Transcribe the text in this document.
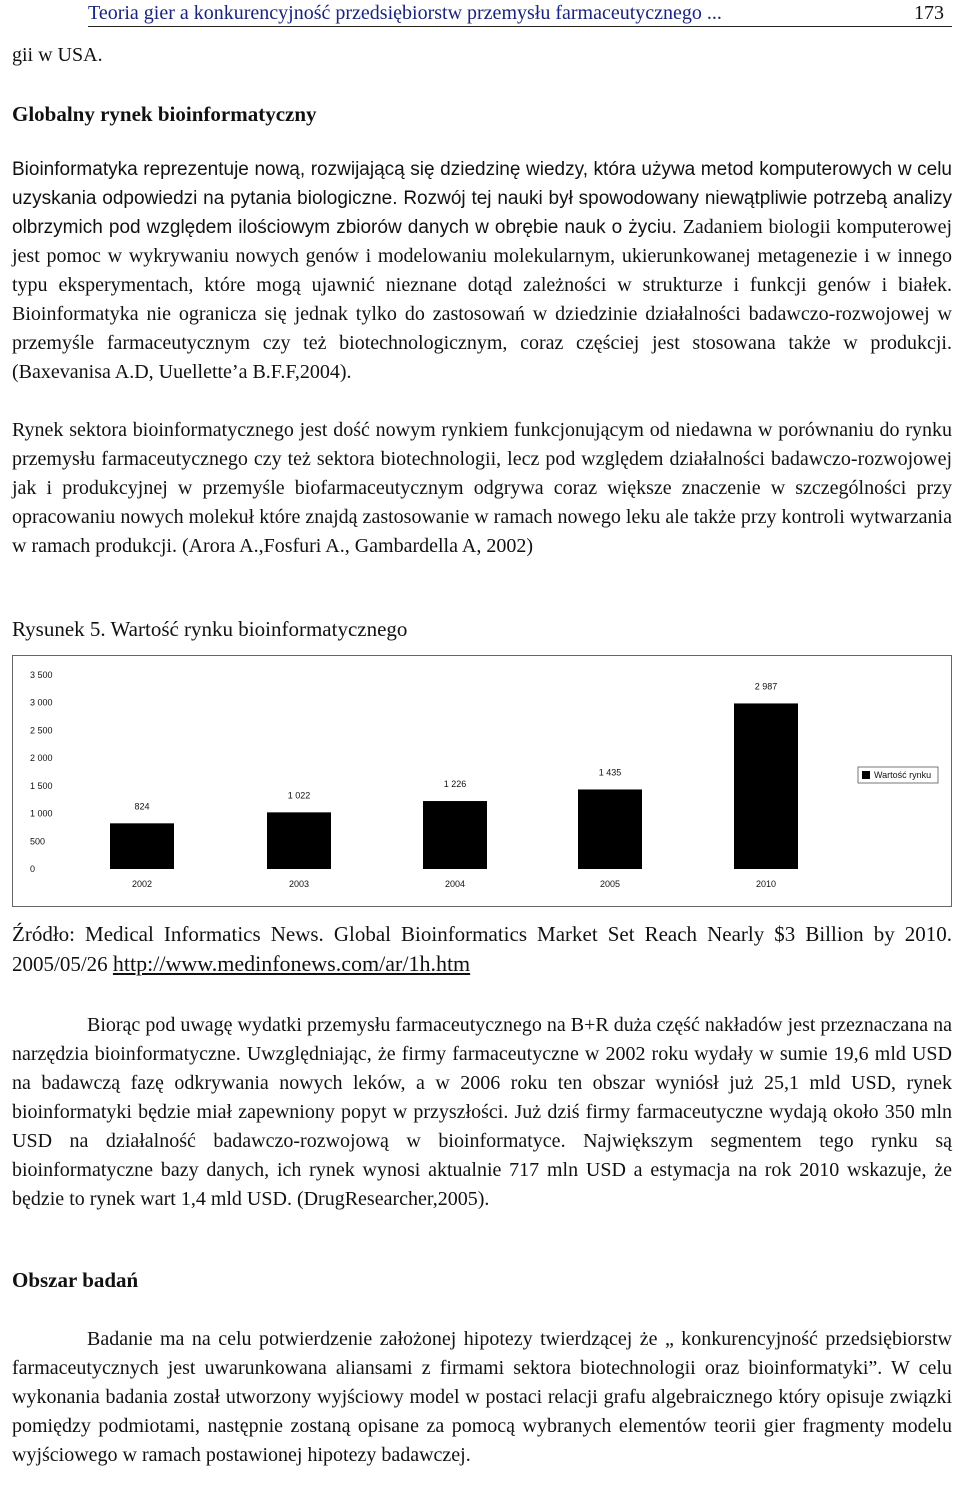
Teoria gier a konkurencyjność przedsiębiorstw przemysłu farmaceutycznego ...	173
gii w USA.
Globalny rynek bioinformatyczny

Bioinformatyka reprezentuje nową, rozwijającą się dziedzinę wiedzy, która używa metod komputerowych w celu uzyskania odpowiedzi na pytania biologiczne. Rozwój tej nauki był spowodowany niewątpliwie potrzebą analizy olbrzymich pod względem ilościowym zbiorów danych w obrębie nauk o życiu. Zadaniem biologii komputerowej jest pomoc w wykrywaniu nowych genów i modelowaniu molekularnym, ukierunkowanej metagenezie i w innego typu eksperymentach, które mogą ujawnić nieznane dotąd zależności w strukturze i funkcji genów i białek. Bioinformatyka nie ogranicza się jednak tylko do zastosowań w dziedzinie działalności badawczo-rozwojowej w przemyśle farmaceutycznym czy też biotechnologicznym, coraz częściej jest stosowana także w produkcji.(Baxevanisa A.D, Uuellette’a B.F.F,2004).

Rynek sektora bioinformatycznego jest dość nowym rynkiem funkcjonującym od niedawna w porównaniu do rynku przemysłu farmaceutycznego czy też sektora biotechnologii, lecz pod względem działalności badawczo-rozwojowej jak i produkcyjnej w przemyśle biofarmaceutycznym odgrywa coraz większe znaczenie w szczególności przy opracowaniu nowych molekuł które znajdą zastosowanie w ramach nowego leku ale także przy kontroli wytwarzania w ramach produkcji. (Arora A.,Fosfuri A., Gambardella A, 2002)

Rysunek 5. Wartość rynku bioinformatycznego
0
500
1 000
1 500
2 000
2 500
3 000
3 500
824
1 022
1 226
1 435
2 987
2002	2003	2004	2005	2010
Wartość rynku

Źródło: Medical Informatics News. Global Bioinformatics Market Set Reach Nearly $3 Billion by 2010. 2005/05/26 http://www.medinfonews.com/ar/1h.htm

Biorąc pod uwagę wydatki przemysłu farmaceutycznego na B+R duża część nakładów jest przeznaczana na narzędzia bioinformatyczne. Uwzględniając, że firmy farmaceutyczne w 2002 roku wydały w sumie 19,6 mld USD na badawczą fazę odkrywania nowych leków, a w 2006 roku ten obszar wyniósł już 25,1 mld USD, rynek bioinformatyki będzie miał zapewniony popyt w przyszłości. Już dziś firmy farmaceutyczne wydają około 350 mln USD na działalność badawczo-rozwojową w bioinformatyce. Największym segmentem tego rynku są bioinformatyczne bazy danych, ich rynek wynosi aktualnie 717 mln USD a estymacja na rok 2010 wskazuje, że będzie to rynek wart 1,4 mld USD. (DrugResearcher,2005).

Obszar badań

Badanie ma na celu potwierdzenie założonej hipotezy twierdzącej że „ konkurencyjność przedsiębiorstw farmaceutycznych jest uwarunkowana aliansami z firmami sektora biotechnologii oraz bioinformatyki”. W celu wykonania badania został utworzony wyjściowy model w postaci relacji grafu algebraicznego który opisuje związki pomiędzy podmiotami, następnie zostaną opisane za pomocą wybranych elementów teorii gier fragmenty modelu wyjściowego w ramach postawionej hipotezy badawczej.
